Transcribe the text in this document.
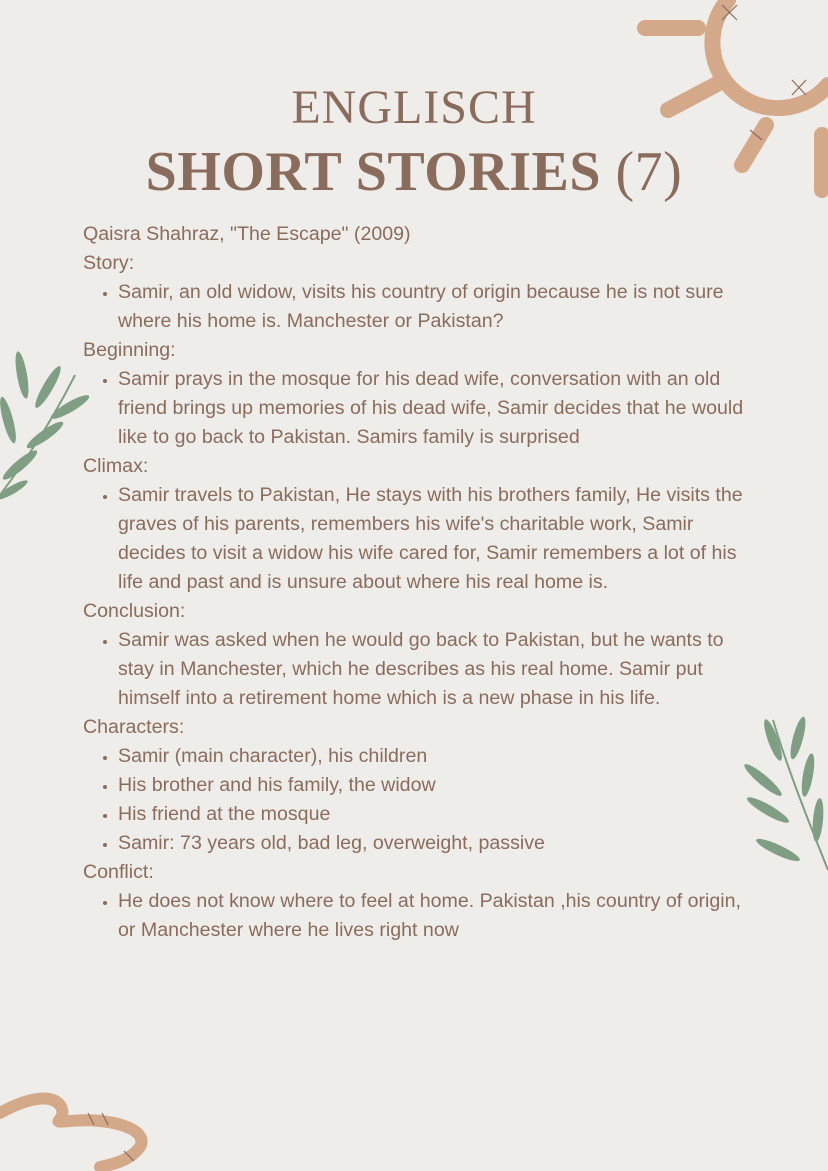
ENGLISCH
SHORT STORIES (7)
Qaisra Shahraz, "The Escape" (2009)
Story:
• Samir, an old widow, visits his country of origin because he is not sure where his home is. Manchester or Pakistan?
Beginning:
• Samir prays in the mosque for his dead wife, conversation with an old friend brings up memories of his dead wife, Samir decides that he would like to go back to Pakistan. Samirs family is surprised
Climax:
• Samir travels to Pakistan, He stays with his brothers family, He visits the graves of his parents, remembers his wife's charitable work, Samir decides to visit a widow his wife cared for, Samir remembers a lot of his life and past and is unsure about where his real home is.
Conclusion:
• Samir was asked when he would go back to Pakistan, but he wants to stay in Manchester, which he describes as his real home. Samir put himself into a retirement home which is a new phase in his life.
Characters:
• Samir (main character), his children
• His brother and his family, the widow
• His friend at the mosque
• Samir: 73 years old, bad leg, overweight, passive
Conflict:
• He does not know where to feel at home. Pakistan ,his country of origin, or Manchester where he lives right now
